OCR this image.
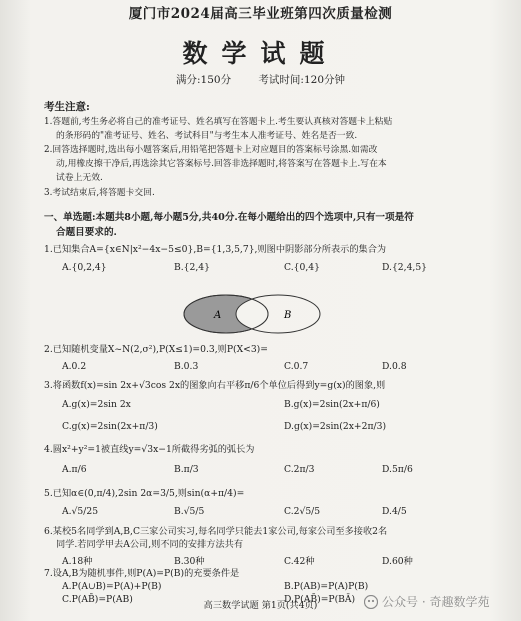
厦门市2024届高三毕业班第四次质量检测
数学试题
满分:150分	考试时间:120分钟
考生注意:
1.答题前,考生务必将自己的准考证号、姓名填写在答题卡上.考生要认真核对答题卡上粘贴
的条形码的"准考证号、姓名、考试科目"与考生本人准考证号、姓名是否一致.
2.回答选择题时,选出每小题答案后,用铅笔把答题卡上对应题目的答案标号涂黑.如需改
动,用橡皮擦干净后,再选涂其它答案标号.回答非选择题时,将答案写在答题卡上.写在本
试卷上无效.
3.考试结束后,将答题卡交回.
一、单选题:本题共8小题,每小题5分,共40分.在每小题给出的四个选项中,只有一项是符
合题目要求的.
1.已知集合A={x∈N|x²−4x−5≤0},B={1,3,5,7},则图中阴影部分所表示的集合为
A.{0,2,4}	B.{2,4}	C.{0,4}	D.{2,4,5}
A	B
2.已知随机变量X~N(2,σ²),P(X≤1)=0.3,则P(X<3)=
A.0.2	B.0.3	C.0.7	D.0.8
3.将函数f(x)=sin 2x+√3cos 2x的图象向右平移π/6个单位后得到y=g(x)的图象,则
A.g(x)=2sin 2x	B.g(x)=2sin(2x+π/6)
C.g(x)=2sin(2x+π/3)	D.g(x)=2sin(2x+2π/3)
4.圆x²+y²=1被直线y=√3x−1所截得劣弧的弧长为
A.π/6	B.π/3	C.2π/3	D.5π/6
5.已知α∈(0,π/4),2sin 2α=3/5,则sin(α+π/4)=
A.√5/25	B.√5/5	C.2√5/5	D.4/5
6.某校5名同学到A,B,C三家公司实习,每名同学只能去1家公司,每家公司至多接收2名
同学.若同学甲去A公司,则不同的安排方法共有
A.18种	B.30种	C.42种	D.60种
7.设A,B为随机事件,则P(A)=P(B)的充要条件是
A.P(A∪B)=P(A)+P(B)	B.P(AB)=P(A)P(B)
C.P(AB̄)=P(AB)	D.P(AB̄)=P(BĀ)
高三数学试题 第1页(共4页)	公众号 · 奇趣数学苑
